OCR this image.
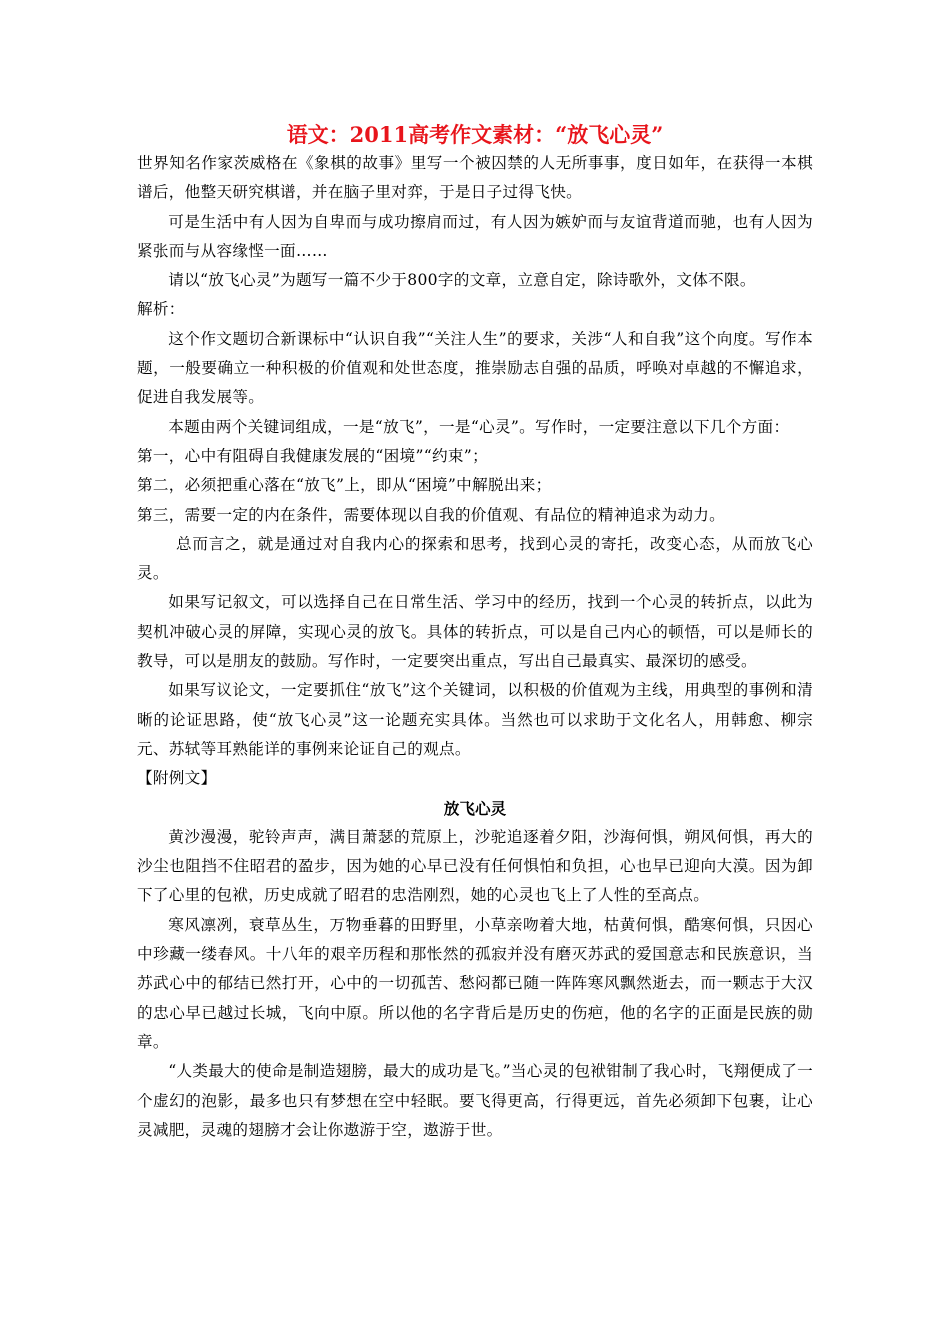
语文：2011高考作文素材：“放飞心灵”

世界知名作家茨威格在《象棋的故事》里写一个被囚禁的人无所事事，度日如年，在获得一本棋谱后，他整天研究棋谱，并在脑子里对弈，于是日子过得飞快。

可是生活中有人因为自卑而与成功擦肩而过，有人因为嫉妒而与友谊背道而驰，也有人因为紧张而与从容缘悭一面……

请以“放飞心灵”为题写一篇不少于800字的文章，立意自定，除诗歌外，文体不限。

解析：

这个作文题切合新课标中“认识自我”“关注人生”的要求，关涉“人和自我”这个向度。写作本题，一般要确立一种积极的价值观和处世态度，推崇励志自强的品质，呼唤对卓越的不懈追求，促进自我发展等。

本题由两个关键词组成，一是“放飞”，一是“心灵”。写作时，一定要注意以下几个方面：

第一，心中有阻碍自我健康发展的“困境”“约束”；

第二，必须把重心落在“放飞”上，即从“困境”中解脱出来；

第三，需要一定的内在条件，需要体现以自我的价值观、有品位的精神追求为动力。

总而言之，就是通过对自我内心的探索和思考，找到心灵的寄托，改变心态，从而放飞心灵。

如果写记叙文，可以选择自己在日常生活、学习中的经历，找到一个心灵的转折点，以此为契机冲破心灵的屏障，实现心灵的放飞。具体的转折点，可以是自己内心的顿悟，可以是师长的教导，可以是朋友的鼓励。写作时，一定要突出重点，写出自己最真实、最深切的感受。

如果写议论文，一定要抓住“放飞”这个关键词，以积极的价值观为主线，用典型的事例和清晰的论证思路，使“放飞心灵”这一论题充实具体。当然也可以求助于文化名人，用韩愈、柳宗元、苏轼等耳熟能详的事例来论证自己的观点。

【附例文】

放飞心灵

黄沙漫漫，驼铃声声，满目萧瑟的荒原上，沙驼追逐着夕阳，沙海何惧，朔风何惧，再大的沙尘也阻挡不住昭君的盈步，因为她的心早已没有任何惧怕和负担，心也早已迎向大漠。因为卸下了心里的包袱，历史成就了昭君的忠浩刚烈，她的心灵也飞上了人性的至高点。

寒风凛冽，衰草丛生，万物垂暮的田野里，小草亲吻着大地，枯黄何惧，酷寒何惧，只因心中珍藏一缕春风。十八年的艰辛历程和那怅然的孤寂并没有磨灭苏武的爱国意志和民族意识，当苏武心中的郁结已然打开，心中的一切孤苦、愁闷都已随一阵阵寒风飘然逝去，而一颗志于大汉的忠心早已越过长城，飞向中原。所以他的名字背后是历史的伤疤，他的名字的正面是民族的勋章。

“人类最大的使命是制造翅膀，最大的成功是飞。”当心灵的包袱钳制了我心时，飞翔便成了一个虚幻的泡影，最多也只有梦想在空中轻眠。要飞得更高，行得更远，首先必须卸下包裹，让心灵减肥，灵魂的翅膀才会让你遨游于空，遨游于世。
